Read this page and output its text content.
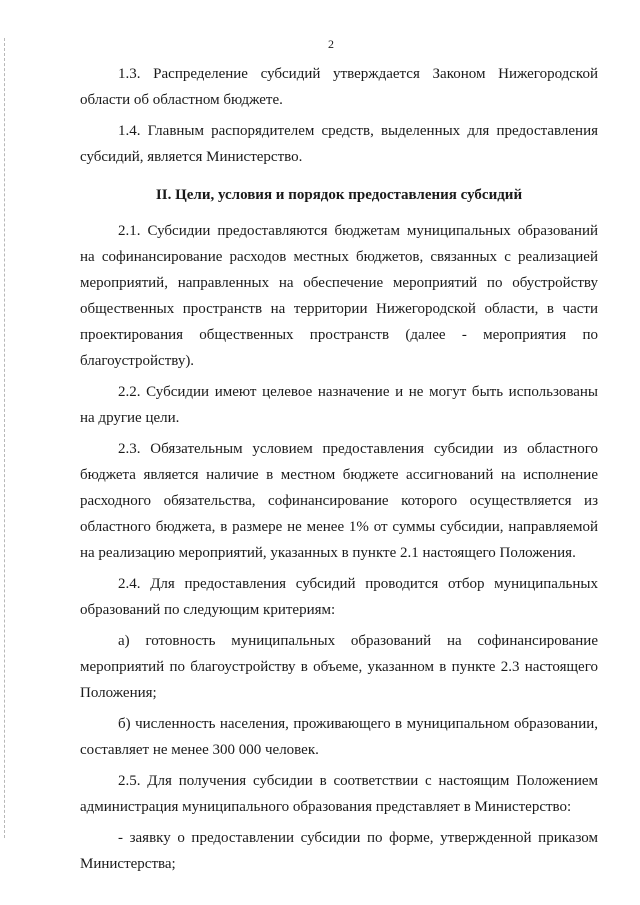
2

1.3. Распределение субсидий утверждается Законом Нижегородской области об областном бюджете.

1.4. Главным распорядителем средств, выделенных для предоставления субсидий, является Министерство.

II. Цели, условия и порядок предоставления субсидий

2.1. Субсидии предоставляются бюджетам муниципальных образований на софинансирование расходов местных бюджетов, связанных с реализацией мероприятий, направленных на обеспечение мероприятий по обустройству общественных пространств на территории Нижегородской области, в части проектирования общественных пространств (далее - мероприятия по благоустройству).

2.2. Субсидии имеют целевое назначение и не могут быть использованы на другие цели.

2.3. Обязательным условием предоставления субсидии из областного бюджета является наличие в местном бюджете ассигнований на исполнение расходного обязательства, софинансирование которого осуществляется из областного бюджета, в размере не менее 1% от суммы субсидии, направляемой на реализацию мероприятий, указанных в пункте 2.1 настоящего Положения.

2.4. Для предоставления субсидий проводится отбор муниципальных образований по следующим критериям:

а) готовность муниципальных образований на софинансирование мероприятий по благоустройству в объеме, указанном в пункте 2.3 настоящего Положения;

б) численность населения, проживающего в муниципальном образовании, составляет не менее 300 000 человек.

2.5. Для получения субсидии в соответствии с настоящим Положением администрация муниципального образования представляет в Министерство:

- заявку о предоставлении субсидии по форме, утвержденной приказом Министерства;
